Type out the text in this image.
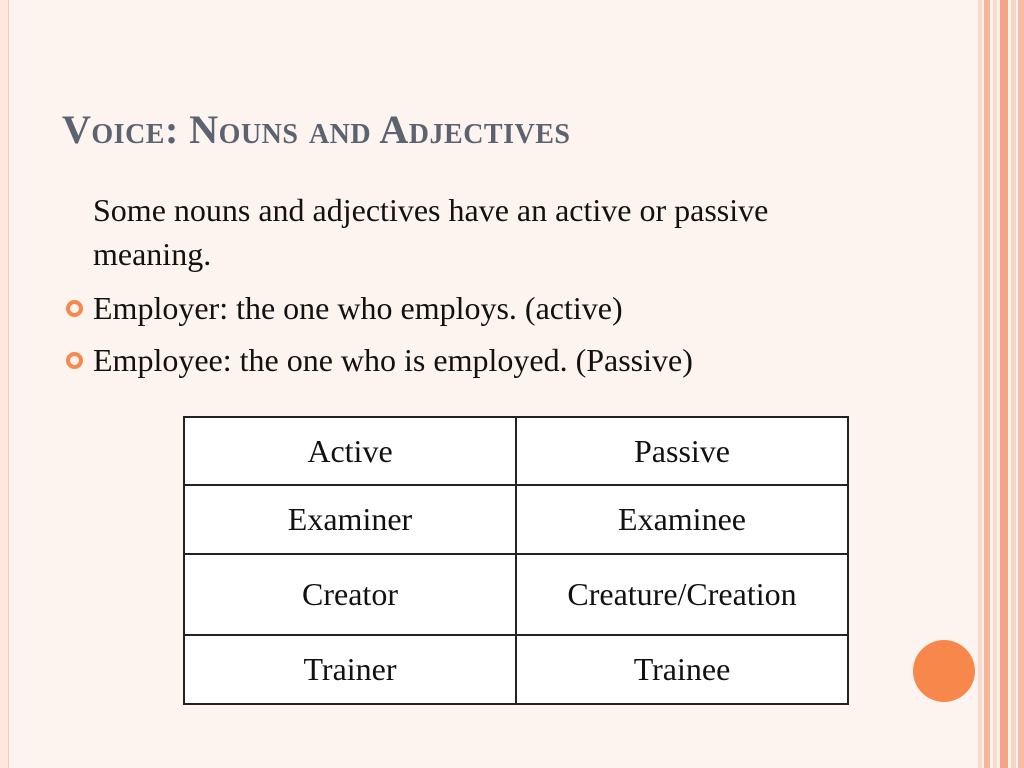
Voice: Nouns and Adjectives
Some nouns and adjectives have an active or passive meaning.
Employer: the one who employs. (active)
Employee: the one who is employed. (Passive)
Active	Passive
Examiner	Examinee
Creator	Creature/Creation
Trainer	Trainee
